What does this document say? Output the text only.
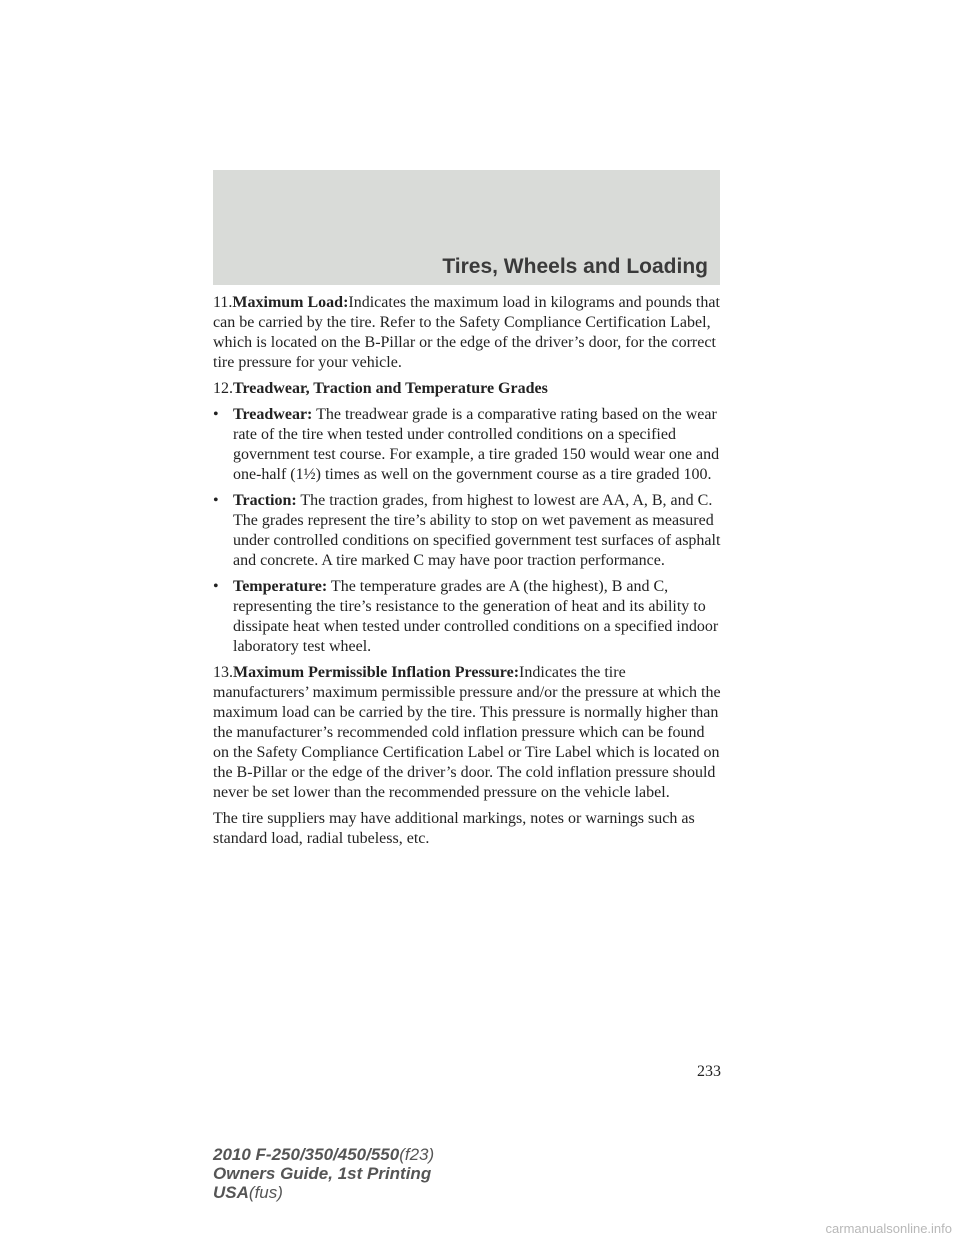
Tires, Wheels and Loading

11.Maximum Load:Indicates the maximum load in kilograms and pounds that can be carried by the tire. Refer to the Safety Compliance Certification Label, which is located on the B-Pillar or the edge of the driver’s door, for the correct tire pressure for your vehicle.

12.Treadwear, Traction and Temperature Grades

• Treadwear: The treadwear grade is a comparative rating based on the wear rate of the tire when tested under controlled conditions on a specified government test course. For example, a tire graded 150 would wear one and one-half (1½) times as well on the government course as a tire graded 100.
• Traction: The traction grades, from highest to lowest are AA, A, B, and C. The grades represent the tire’s ability to stop on wet pavement as measured under controlled conditions on specified government test surfaces of asphalt and concrete. A tire marked C may have poor traction performance.
• Temperature: The temperature grades are A (the highest), B and C, representing the tire’s resistance to the generation of heat and its ability to dissipate heat when tested under controlled conditions on a specified indoor laboratory test wheel.

13.Maximum Permissible Inflation Pressure:Indicates the tire manufacturers’ maximum permissible pressure and/or the pressure at which the maximum load can be carried by the tire. This pressure is normally higher than the manufacturer’s recommended cold inflation pressure which can be found on the Safety Compliance Certification Label or Tire Label which is located on the B-Pillar or the edge of the driver’s door. The cold inflation pressure should never be set lower than the recommended pressure on the vehicle label.

The tire suppliers may have additional markings, notes or warnings such as standard load, radial tubeless, etc.

233
2010 F-250/350/450/550(f23)
Owners Guide, 1st Printing
USA(fus)
carmanualsonline.info
